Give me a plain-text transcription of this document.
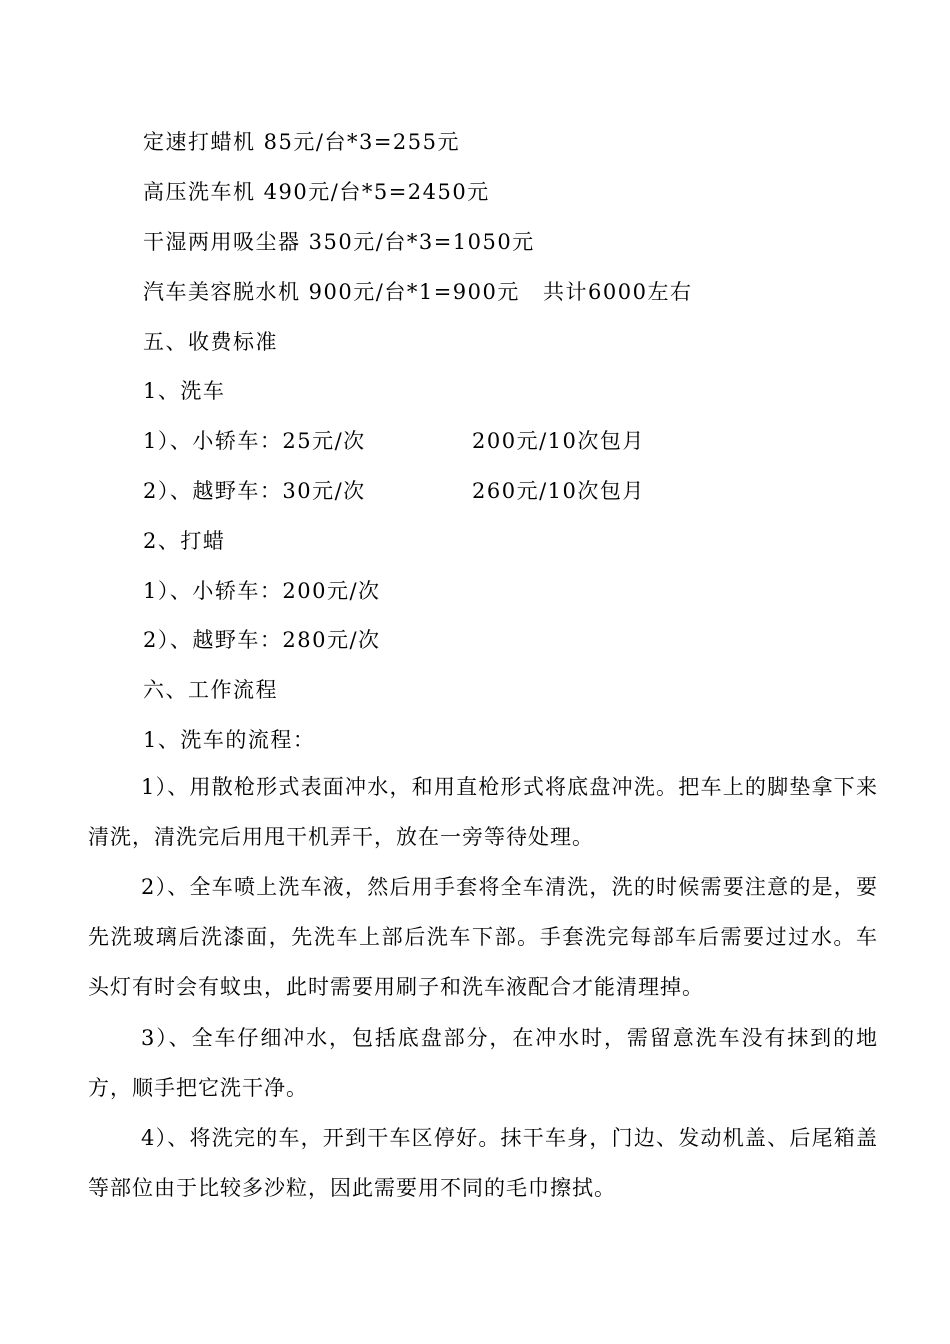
定速打蜡机 85元/台*3=255元
高压洗车机 490元/台*5=2450元
干湿两用吸尘器 350元/台*3=1050元
汽车美容脱水机 900元/台*1=900元 共计6000左右
五、收费标准
1、洗车
1）、小轿车：25元/次	200元/10次包月
2）、越野车：30元/次	260元/10次包月
2、打蜡
1）、小轿车：200元/次
2）、越野车：280元/次
六、工作流程
1、洗车的流程：
1）、用散枪形式表面冲水，和用直枪形式将底盘冲洗。把车上的脚垫拿下来清洗，清洗完后用甩干机弄干，放在一旁等待处理。
2）、全车喷上洗车液，然后用手套将全车清洗，洗的时候需要注意的是，要先洗玻璃后洗漆面，先洗车上部后洗车下部。手套洗完每部车后需要过过水。车头灯有时会有蚊虫，此时需要用刷子和洗车液配合才能清理掉。
3）、全车仔细冲水，包括底盘部分，在冲水时，需留意洗车没有抹到的地方，顺手把它洗干净。
4）、将洗完的车，开到干车区停好。抹干车身，门边、发动机盖、后尾箱盖等部位由于比较多沙粒，因此需要用不同的毛巾擦拭。
